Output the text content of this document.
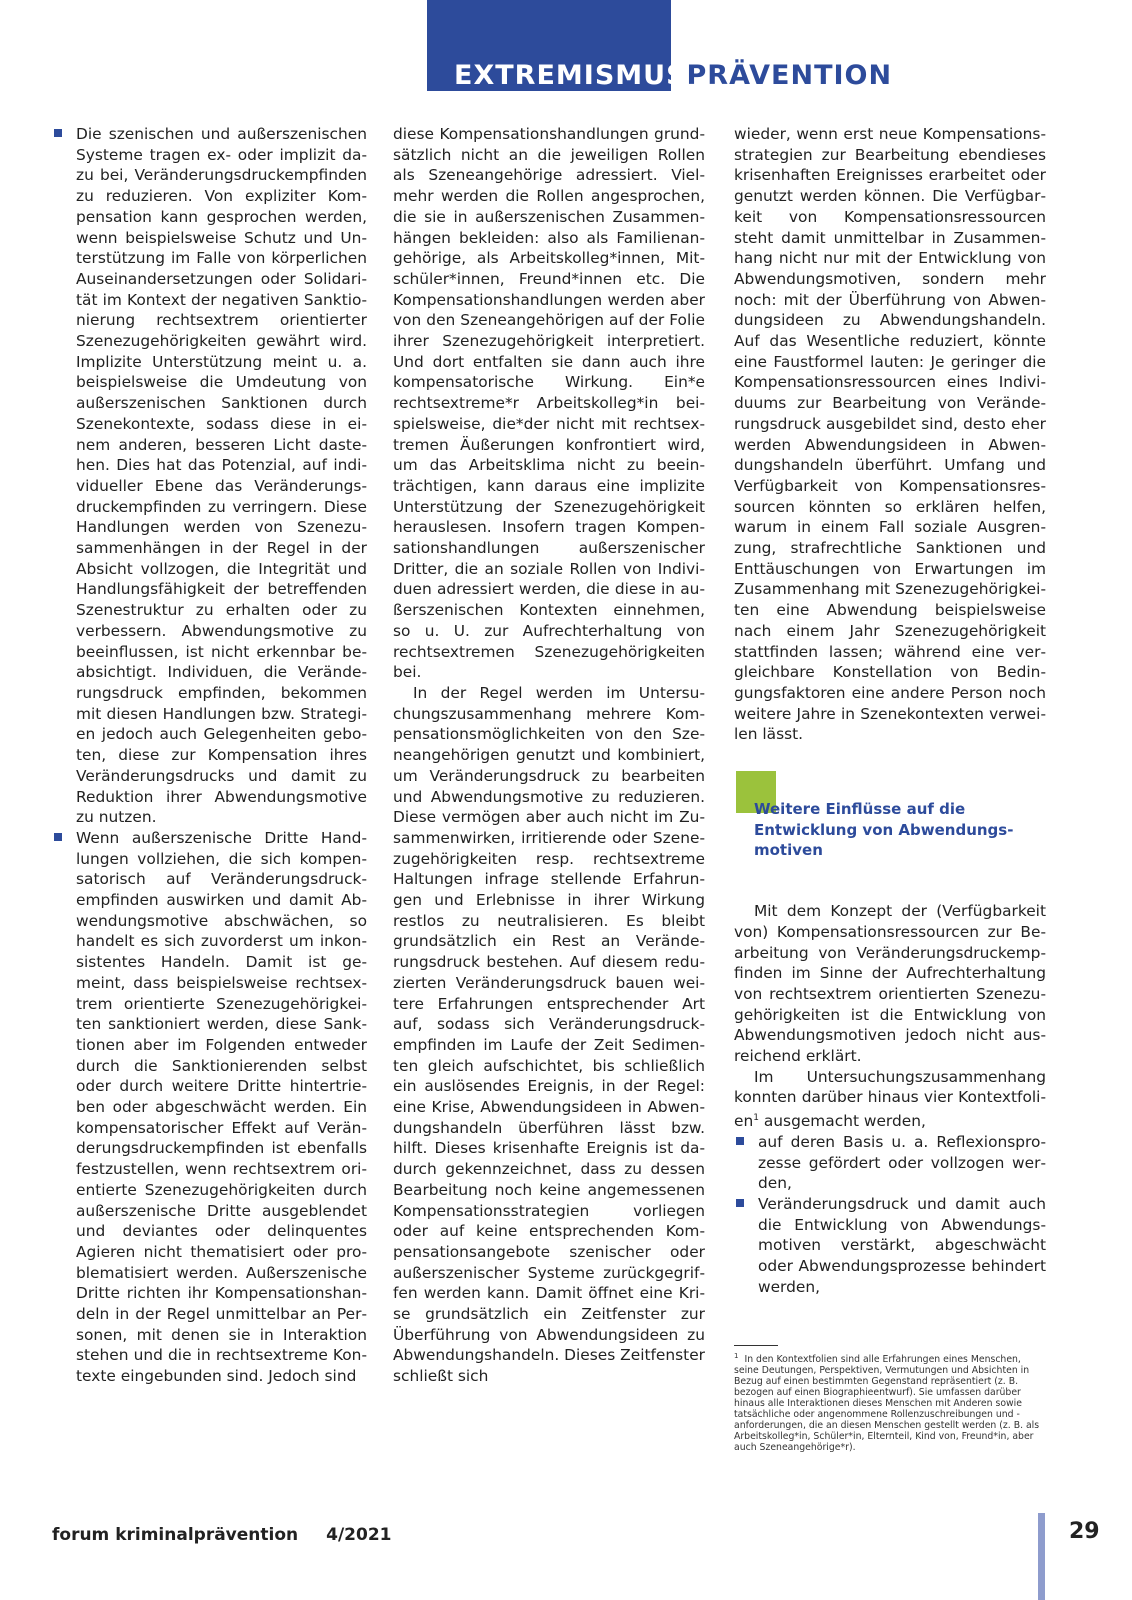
EXTREMISMUSPRÄVENTION
Die szenischen und außerszenischen Systeme tragen ex- oder implizit dazu bei, Veränderungsdruckempfinden zu reduzieren. Von expliziter Kompensation kann gesprochen werden, wenn beispielsweise Schutz und Unterstützung im Falle von körperlichen Auseinandersetzungen oder Solidarität im Kontext der negativen Sanktionierung rechtsextrem orientierter Szenezugehörigkeiten gewährt wird. Implizite Unterstützung meint u. a. beispielsweise die Umdeutung von außerszenischen Sanktionen durch Szenekontexte, sodass diese in einem anderen, besseren Licht dastehen. Dies hat das Potenzial, auf individueller Ebene das Veränderungsdruckempfinden zu verringern. Diese Handlungen werden von Szenezusammenhängen in der Regel in der Absicht vollzogen, die Integrität und Handlungsfähigkeit der betreffenden Szenestruktur zu erhalten oder zu verbessern. Abwendungsmotive zu beeinflussen, ist nicht erkennbar beabsichtigt. Individuen, die Veränderungsdruck empfinden, bekommen mit diesen Handlungen bzw. Strategien jedoch auch Gelegenheiten geboten, diese zur Kompensation ihres Veränderungsdrucks und damit zu Reduktion ihrer Abwendungsmotive zu nutzen.
Wenn außerszenische Dritte Handlungen vollziehen, die sich kompensatorisch auf Veränderungsdruckempfinden auswirken und damit Abwendungsmotive abschwächen, so handelt es sich zuvorderst um inkonsistentes Handeln. Damit ist gemeint, dass beispielsweise rechtsextrem orientierte Szenezugehörigkeiten sanktioniert werden, diese Sanktionen aber im Folgenden entweder durch die Sanktionierenden selbst oder durch weitere Dritte hintertrieben oder abgeschwächt werden. Ein kompensatorischer Effekt auf Veränderungsdruckempfinden ist ebenfalls festzustellen, wenn rechtsextrem orientierte Szenezugehörigkeiten durch außerszenische Dritte ausgeblendet und deviantes oder delinquentes Agieren nicht thematisiert oder problematisiert werden. Außerszenische Dritte richten ihr Kompensationshandeln in der Regel unmittelbar an Personen, mit denen sie in Interaktion stehen und die in rechtsextreme Kontexte eingebunden sind. Jedoch sind

diese Kompensationshandlungen grundsätzlich nicht an die jeweiligen Rollen als Szeneangehörige adressiert. Vielmehr werden die Rollen angesprochen, die sie in außerszenischen Zusammenhängen bekleiden: also als Familienangehörige, als Arbeitskolleg*innen, Mitschüler*innen, Freund*innen etc. Die Kompensationshandlungen werden aber von den Szeneangehörigen auf der Folie ihrer Szenezugehörigkeit interpretiert. Und dort entfalten sie dann auch ihre kompensatorische Wirkung. Ein*e rechtsextreme*r Arbeitskolleg*in beispielsweise, die*der nicht mit rechtsextremen Äußerungen konfrontiert wird, um das Arbeitsklima nicht zu beeinträchtigen, kann daraus eine implizite Unterstützung der Szenezugehörigkeit herauslesen. Insofern tragen Kompensationshandlungen außerszenischer Dritter, die an soziale Rollen von Individuen adressiert werden, die diese in außerszenischen Kontexten einnehmen, so u. U. zur Aufrechterhaltung von rechtsextremen Szenezugehörigkeiten bei.

In der Regel werden im Untersuchungszusammenhang mehrere Kompensationsmöglichkeiten von den Szeneangehörigen genutzt und kombiniert, um Veränderungsdruck zu bearbeiten und Abwendungsmotive zu reduzieren. Diese vermögen aber auch nicht im Zusammenwirken, irritierende oder Szenezugehörigkeiten resp. rechtsextreme Haltungen infrage stellende Erfahrungen und Erlebnisse in ihrer Wirkung restlos zu neutralisieren. Es bleibt grundsätzlich ein Rest an Veränderungsdruck bestehen. Auf diesem reduzierten Veränderungsdruck bauen weitere Erfahrungen entsprechender Art auf, sodass sich Veränderungsdruckempfinden im Laufe der Zeit Sedimenten gleich aufschichtet, bis schließlich ein auslösendes Ereignis, in der Regel: eine Krise, Abwendungsideen in Abwendungshandeln überführen lässt bzw. hilft. Dieses krisenhafte Ereignis ist dadurch gekennzeichnet, dass zu dessen Bearbeitung noch keine angemessenen Kompensationsstrategien vorliegen oder auf keine entsprechenden Kompensationsangebote szenischer oder außerszenischer Systeme zurückgegriffen werden kann. Damit öffnet eine Krise grundsätzlich ein Zeitfenster zur Überführung von Abwendungsideen zu Abwendungshandeln. Dieses Zeitfenster schließt sich

wieder, wenn erst neue Kompensationsstrategien zur Bearbeitung ebendieses krisenhaften Ereignisses erarbeitet oder genutzt werden können. Die Verfügbarkeit von Kompensationsressourcen steht damit unmittelbar in Zusammenhang nicht nur mit der Entwicklung von Abwendungsmotiven, sondern mehr noch: mit der Überführung von Abwendungsideen zu Abwendungshandeln. Auf das Wesentliche reduziert, könnte eine Faustformel lauten: Je geringer die Kompensationsressourcen eines Individuums zur Bearbeitung von Veränderungsdruck ausgebildet sind, desto eher werden Abwendungsideen in Abwendungshandeln überführt. Umfang und Verfügbarkeit von Kompensationsressourcen könnten so erklären helfen, warum in einem Fall soziale Ausgrenzung, strafrechtliche Sanktionen und Enttäuschungen von Erwartungen im Zusammenhang mit Szenezugehörigkeiten eine Abwendung beispielsweise nach einem Jahr Szenezugehörigkeit stattfinden lassen; während eine vergleichbare Konstellation von Bedingungsfaktoren eine andere Person noch weitere Jahre in Szenekontexten verweilen lässt.

Weitere Einflüsse auf die Entwicklung von Abwendungsmotiven

Mit dem Konzept der (Verfügbarkeit von) Kompensationsressourcen zur Bearbeitung von Veränderungsdruckempfinden im Sinne der Aufrechterhaltung von rechtsextrem orientierten Szenezugehörigkeiten ist die Entwicklung von Abwendungsmotiven jedoch nicht ausreichend erklärt.

Im Untersuchungszusammenhang konnten darüber hinaus vier Kontextfolien$^1$ ausgemacht werden,

auf deren Basis u. a. Reflexionsprozesse gefördert oder vollzogen werden,
Veränderungsdruck und damit auch die Entwicklung von Abwendungsmotiven verstärkt, abgeschwächt oder Abwendungsprozesse behindert werden,
$^1$ In den Kontextfolien sind alle Erfahrungen eines Menschen, seine Deutungen, Perspektiven, Vermutungen und Absichten in Bezug auf einen bestimmten Gegenstand repräsentiert (z. B. bezogen auf einen Biographieentwurf). Sie umfassen darüber hinaus alle Interaktionen dieses Menschen mit Anderen sowie tatsächliche oder angenommene Rollenzuschreibungen und -anforderungen, die an diesen Menschen gestellt werden (z. B. als Arbeitskolleg*in, Schüler*in, Elternteil, Kind von, Freund*in, aber auch Szeneangehörige*r).
forum kriminalprävention 4/2021	29
